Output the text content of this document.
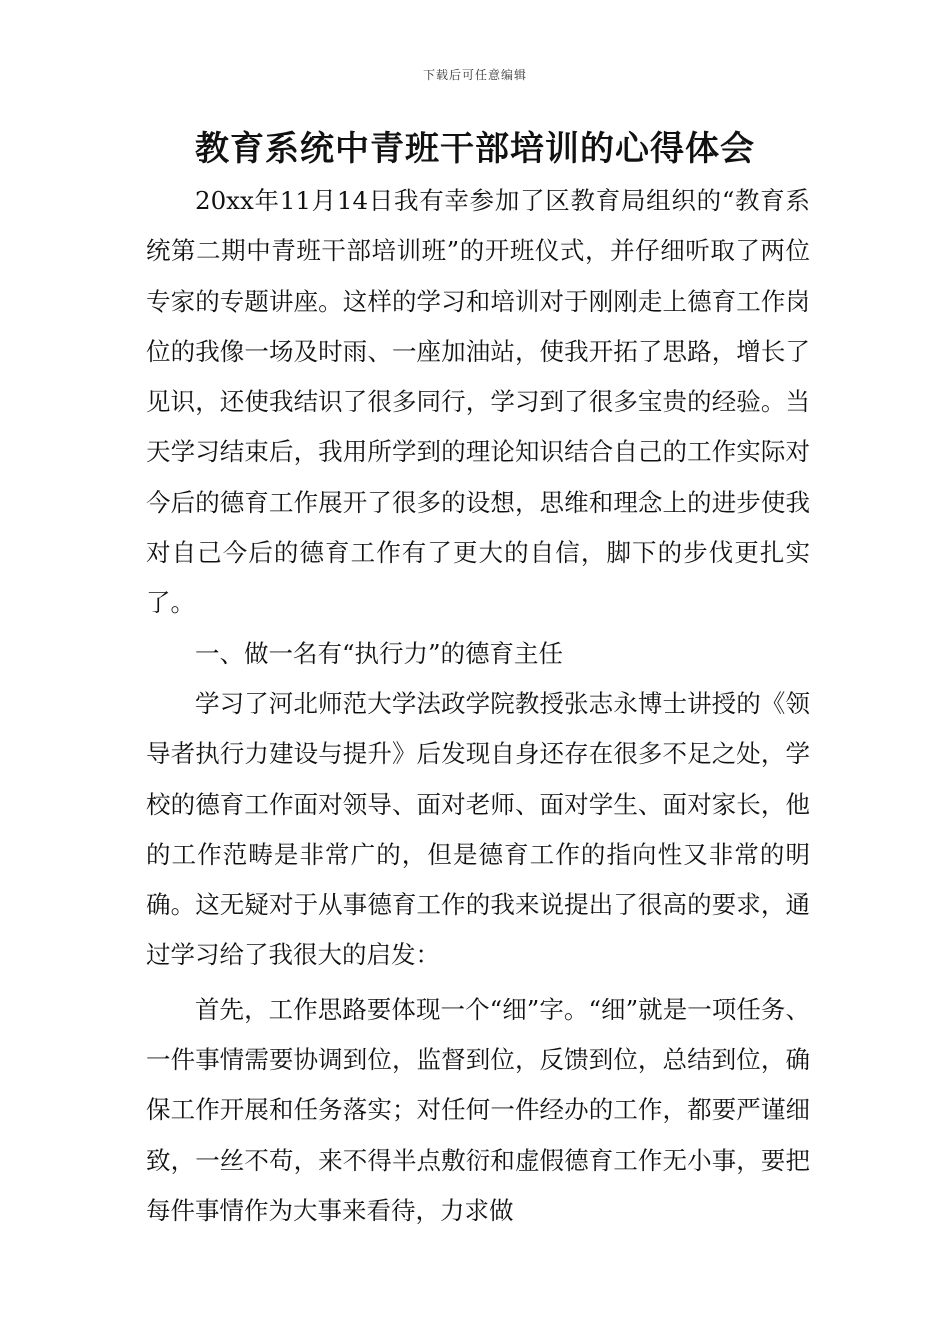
下载后可任意编辑
教育系统中青班干部培训的心得体会

20xx年11月14日我有幸参加了区教育局组织的“教育系统第二期中青班干部培训班”的开班仪式，并仔细听取了两位专家的专题讲座。这样的学习和培训对于刚刚走上德育工作岗位的我像一场及时雨、一座加油站，使我开拓了思路，增长了见识，还使我结识了很多同行，学习到了很多宝贵的经验。当天学习结束后，我用所学到的理论知识结合自己的工作实际对今后的德育工作展开了很多的设想，思维和理念上的进步使我对自己今后的德育工作有了更大的自信，脚下的步伐更扎实了。

一、做一名有“执行力”的德育主任

学习了河北师范大学法政学院教授张志永博士讲授的《领导者执行力建设与提升》后发现自身还存在很多不足之处，学校的德育工作面对领导、面对老师、面对学生、面对家长，他的工作范畴是非常广的，但是德育工作的指向性又非常的明确。这无疑对于从事德育工作的我来说提出了很高的要求，通过学习给了我很大的启发：

首先，工作思路要体现一个“细”字。“细”就是一项任务、一件事情需要协调到位，监督到位，反馈到位，总结到位，确保工作开展和任务落实；对任何一件经办的工作，都要严谨细致，一丝不苟，来不得半点敷衍和虚假德育工作无小事，要把每件事情作为大事来看待，力求做
